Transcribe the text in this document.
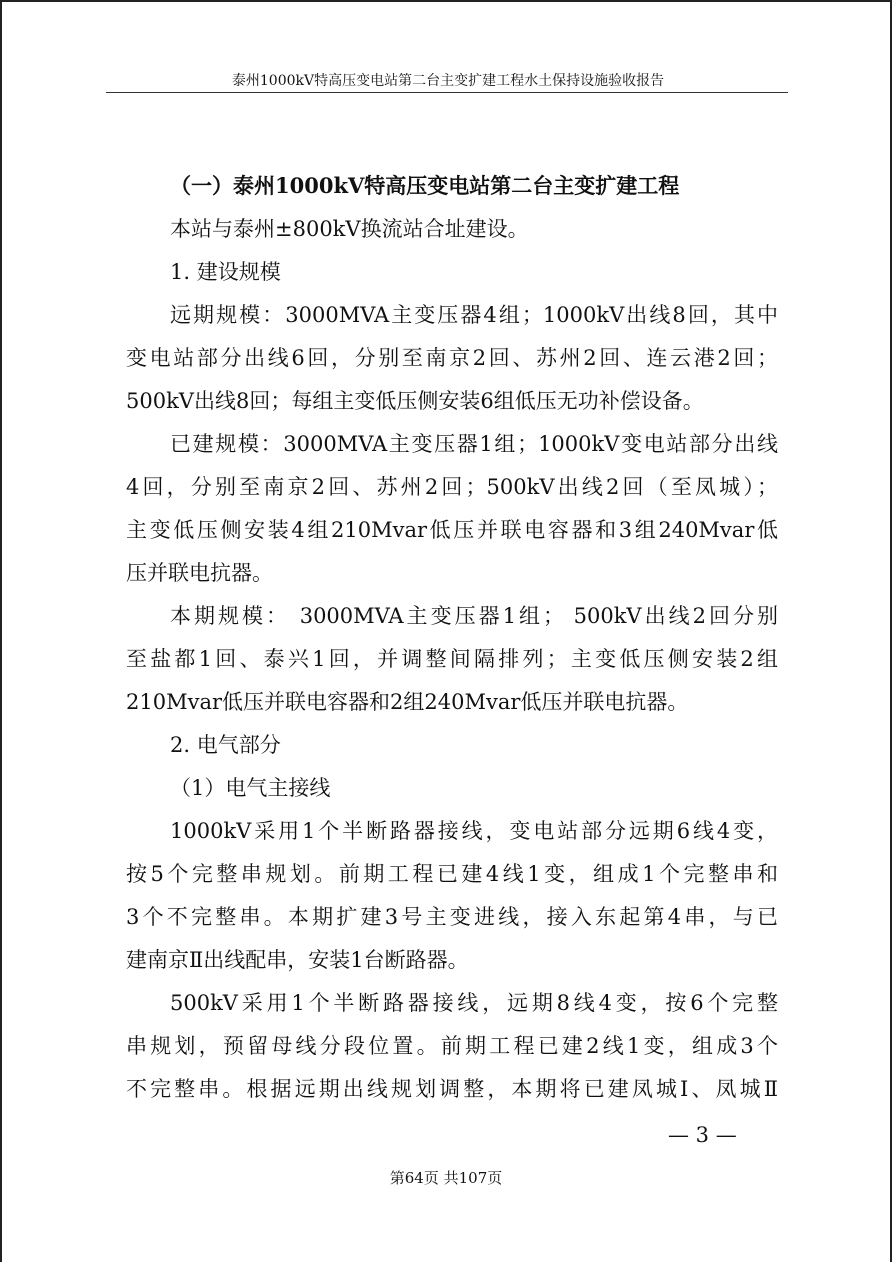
泰州1000kV特高压变电站第二台主变扩建工程水土保持设施验收报告
（一）泰州1000kV特高压变电站第二台主变扩建工程
本站与泰州±800kV换流站合址建设。
1. 建设规模
远期规模：3000MVA主变压器4组；1000kV出线8回，其中
变电站部分出线6回，分别至南京2回、苏州2回、连云港2回；
500kV出线8回；每组主变低压侧安装6组低压无功补偿设备。
已建规模：3000MVA主变压器1组；1000kV变电站部分出线
4回，分别至南京2回、苏州2回；500kV出线2回（至凤城）；
主变低压侧安装4组210Mvar低压并联电容器和3组240Mvar低
压并联电抗器。
本期规模： 3000MVA主变压器1组； 500kV出线2回分别
至盐都1回、泰兴1回，并调整间隔排列；主变低压侧安装2组
210Mvar低压并联电容器和2组240Mvar低压并联电抗器。
2. 电气部分
（1）电气主接线
1000kV采用1个半断路器接线，变电站部分远期6线4变，
按5个完整串规划。前期工程已建4线1变，组成1个完整串和
3个不完整串。本期扩建3号主变进线，接入东起第4串，与已
建南京Ⅱ出线配串，安装1台断路器。
500kV采用1个半断路器接线，远期8线4变，按6个完整
串规划，预留母线分段位置。前期工程已建2线1变，组成3个
不完整串。根据远期出线规划调整，本期将已建凤城Ⅰ、凤城Ⅱ
— 3 —
第64页 共107页
